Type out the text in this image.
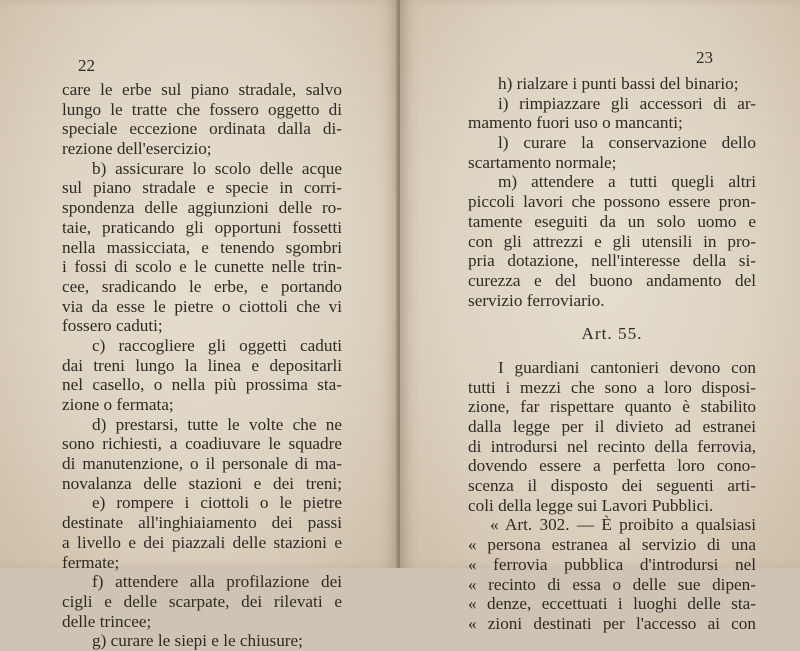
22
care le erbe sul piano stradale, salvo
lungo le tratte che fossero oggetto di
speciale eccezione ordinata dalla di-
rezione dell'esercizio;
b) assicurare lo scolo delle acque
sul piano stradale e specie in corri-
spondenza delle aggiunzioni delle ro-
taie, praticando gli opportuni fossetti
nella massicciata, e tenendo sgombri
i fossi di scolo e le cunette nelle trin-
cee, sradicando le erbe, e portando
via da esse le pietre o ciottoli che vi
fossero caduti;
c) raccogliere gli oggetti caduti
dai treni lungo la linea e depositarli
nel casello, o nella più prossima sta-
zione o fermata;
d) prestarsi, tutte le volte che ne
sono richiesti, a coadiuvare le squadre
di manutenzione, o il personale di ma-
novalanza delle stazioni e dei treni;
e) rompere i ciottoli o le pietre
destinate all'inghiaiamento dei passi
a livello e dei piazzali delle stazioni e
fermate;
f) attendere alla profilazione dei
cigli e delle scarpate, dei rilevati e
delle trincee;
g) curare le siepi e le chiusure;
23
h) rialzare i punti bassi del binario;
i) rimpiazzare gli accessori di ar-
mamento fuori uso o mancanti;
l) curare la conservazione dello
scartamento normale;
m) attendere a tutti quegli altri
piccoli lavori che possono essere pron-
tamente eseguiti da un solo uomo e
con gli attrezzi e gli utensili in pro-
pria dotazione, nell'interesse della si-
curezza e del buono andamento del
servizio ferroviario.
Art. 55.
I guardiani cantonieri devono con
tutti i mezzi che sono a loro disposi-
zione, far rispettare quanto è stabilito
dalla legge per il divieto ad estranei
di introdursi nel recinto della ferrovia,
dovendo essere a perfetta loro cono-
scenza il disposto dei seguenti arti-
coli della legge sui Lavori Pubblici.
« Art. 302. — È proibito a qualsiasi
« persona estranea al servizio di una
« ferrovia pubblica d'introdursi nel
« recinto di essa o delle sue dipen-
« denze, eccettuati i luoghi delle sta-
« zioni destinati per l'accesso ai con
